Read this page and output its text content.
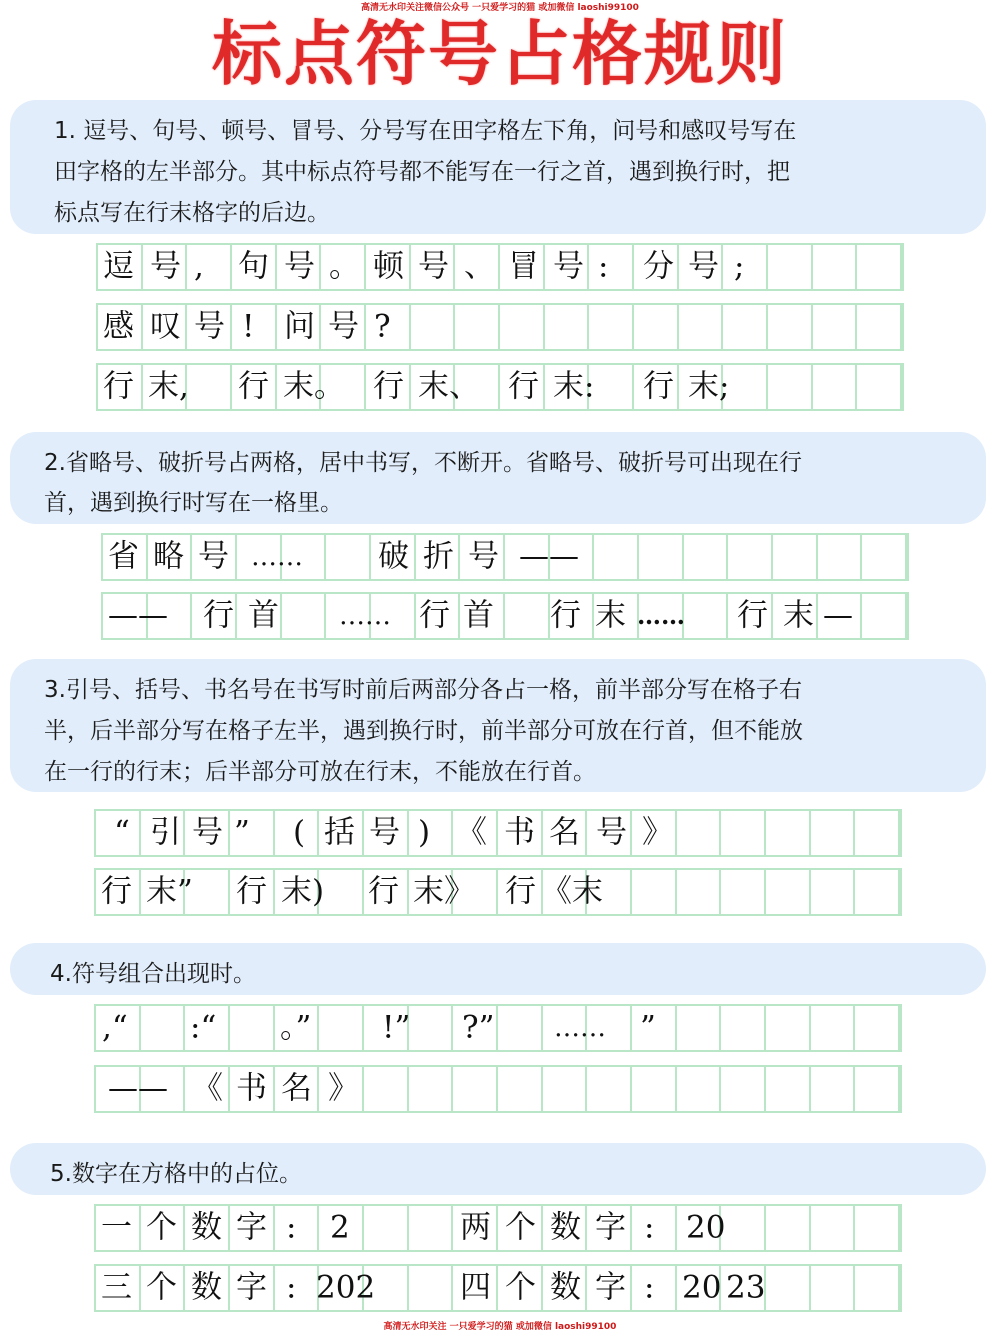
高清无水印关注微信公众号 一只爱学习的猫 或加微信 laoshi99100
标点符号占格规则
1. 逗号、句号、顿号、冒号、分号写在田字格左下角，问号和感叹号写在
田字格的左半部分。其中标点符号都不能写在一行之首，遇到换行时，把
标点写在行末格字的后边。
逗 号 , 句 号 。 顿 号 、 冒 号 : 分 号 ;
感 叹 号 ! 问 号 ?
行 末, 行 末。 行 末、 行 末: 行 末;
2.省略号、破折号占两格，居中书写，不断开。省略号、破折号可出现在行
首，遇到换行时写在一格里。
省 略 号 …… 破 折 号 ——
—— 行 首 …… 行 首 行 末 …… 行 末 —
3.引号、括号、书名号在书写时前后两部分各占一格，前半部分写在格子右
半，后半部分写在格子左半，遇到换行时，前半部分可放在行首，但不能放
在一行的行末；后半部分可放在行末，不能放在行首。
“ 引 号 ” ( 括 号 ) 《 书 名 号 》
行 末” 行 末) 行 末》 行 《末
4.符号组合出现时。
,“ :“ 。” !” ?” …… ”
—— 《 书 名 》
5.数字在方格中的占位。
一 个 数 字 : 2	两 个 数 字 : 20
三 个 数 字 : 202	四 个 数 字 : 20 23
高清无水印关注 一只爱学习的猫 或加微信 laoshi99100
